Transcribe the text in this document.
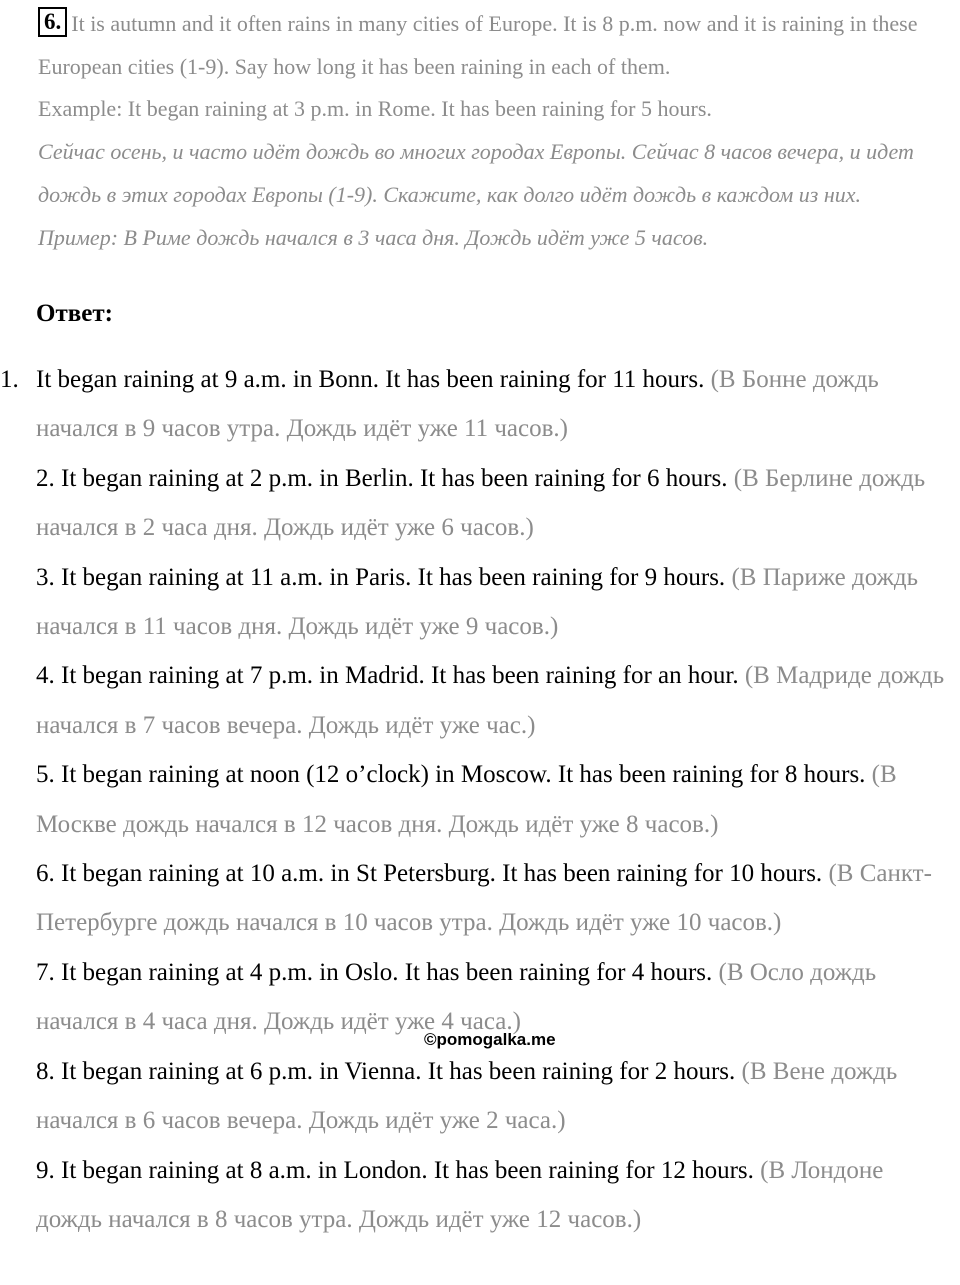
6. It is autumn and it often rains in many cities of Europe. It is 8 p.m. now and it is raining in these European cities (1-9). Say how long it has been raining in each of them.

Example: It began raining at 3 p.m. in Rome. It has been raining for 5 hours.

Сейчас осень, и часто идёт дождь во многих городах Европы. Сейчас 8 часов вечера, и идет дождь в этих городах Европы (1-9). Скажите, как долго идёт дождь в каждом из них.

Пример: В Риме дождь начался в 3 часа дня. Дождь идёт уже 5 часов.

Ответ:

1. It began raining at 9 a.m. in Bonn. It has been raining for 11 hours. (В Бонне дождь начался в 9 часов утра. Дождь идёт уже 11 часов.)

2. It began raining at 2 p.m. in Berlin. It has been raining for 6 hours. (В Берлине дождь начался в 2 часа дня. Дождь идёт уже 6 часов.)

3. It began raining at 11 a.m. in Paris. It has been raining for 9 hours. (В Париже дождь начался в 11 часов дня. Дождь идёт уже 9 часов.)

4. It began raining at 7 p.m. in Madrid. It has been raining for an hour. (В Мадриде дождь начался в 7 часов вечера. Дождь идёт уже час.)

5. It began raining at noon (12 o’clock) in Moscow. It has been raining for 8 hours. (В Москве дождь начался в 12 часов дня. Дождь идёт уже 8 часов.)

6. It began raining at 10 a.m. in St Petersburg. It has been raining for 10 hours. (В Санкт-Петербурге дождь начался в 10 часов утра. Дождь идёт уже 10 часов.)

7. It began raining at 4 p.m. in Oslo. It has been raining for 4 hours. (В Осло дождь начался в 4 часа дня. Дождь идёт уже 4 часа.)

8. It began raining at 6 p.m. in Vienna. It has been raining for 2 hours. (В Вене дождь начался в 6 часов вечера. Дождь идёт уже 2 часа.)

9. It began raining at 8 a.m. in London. It has been raining for 12 hours. (В Лондоне дождь начался в 8 часов утра. Дождь идёт уже 12 часов.)

©pomogalka.me
